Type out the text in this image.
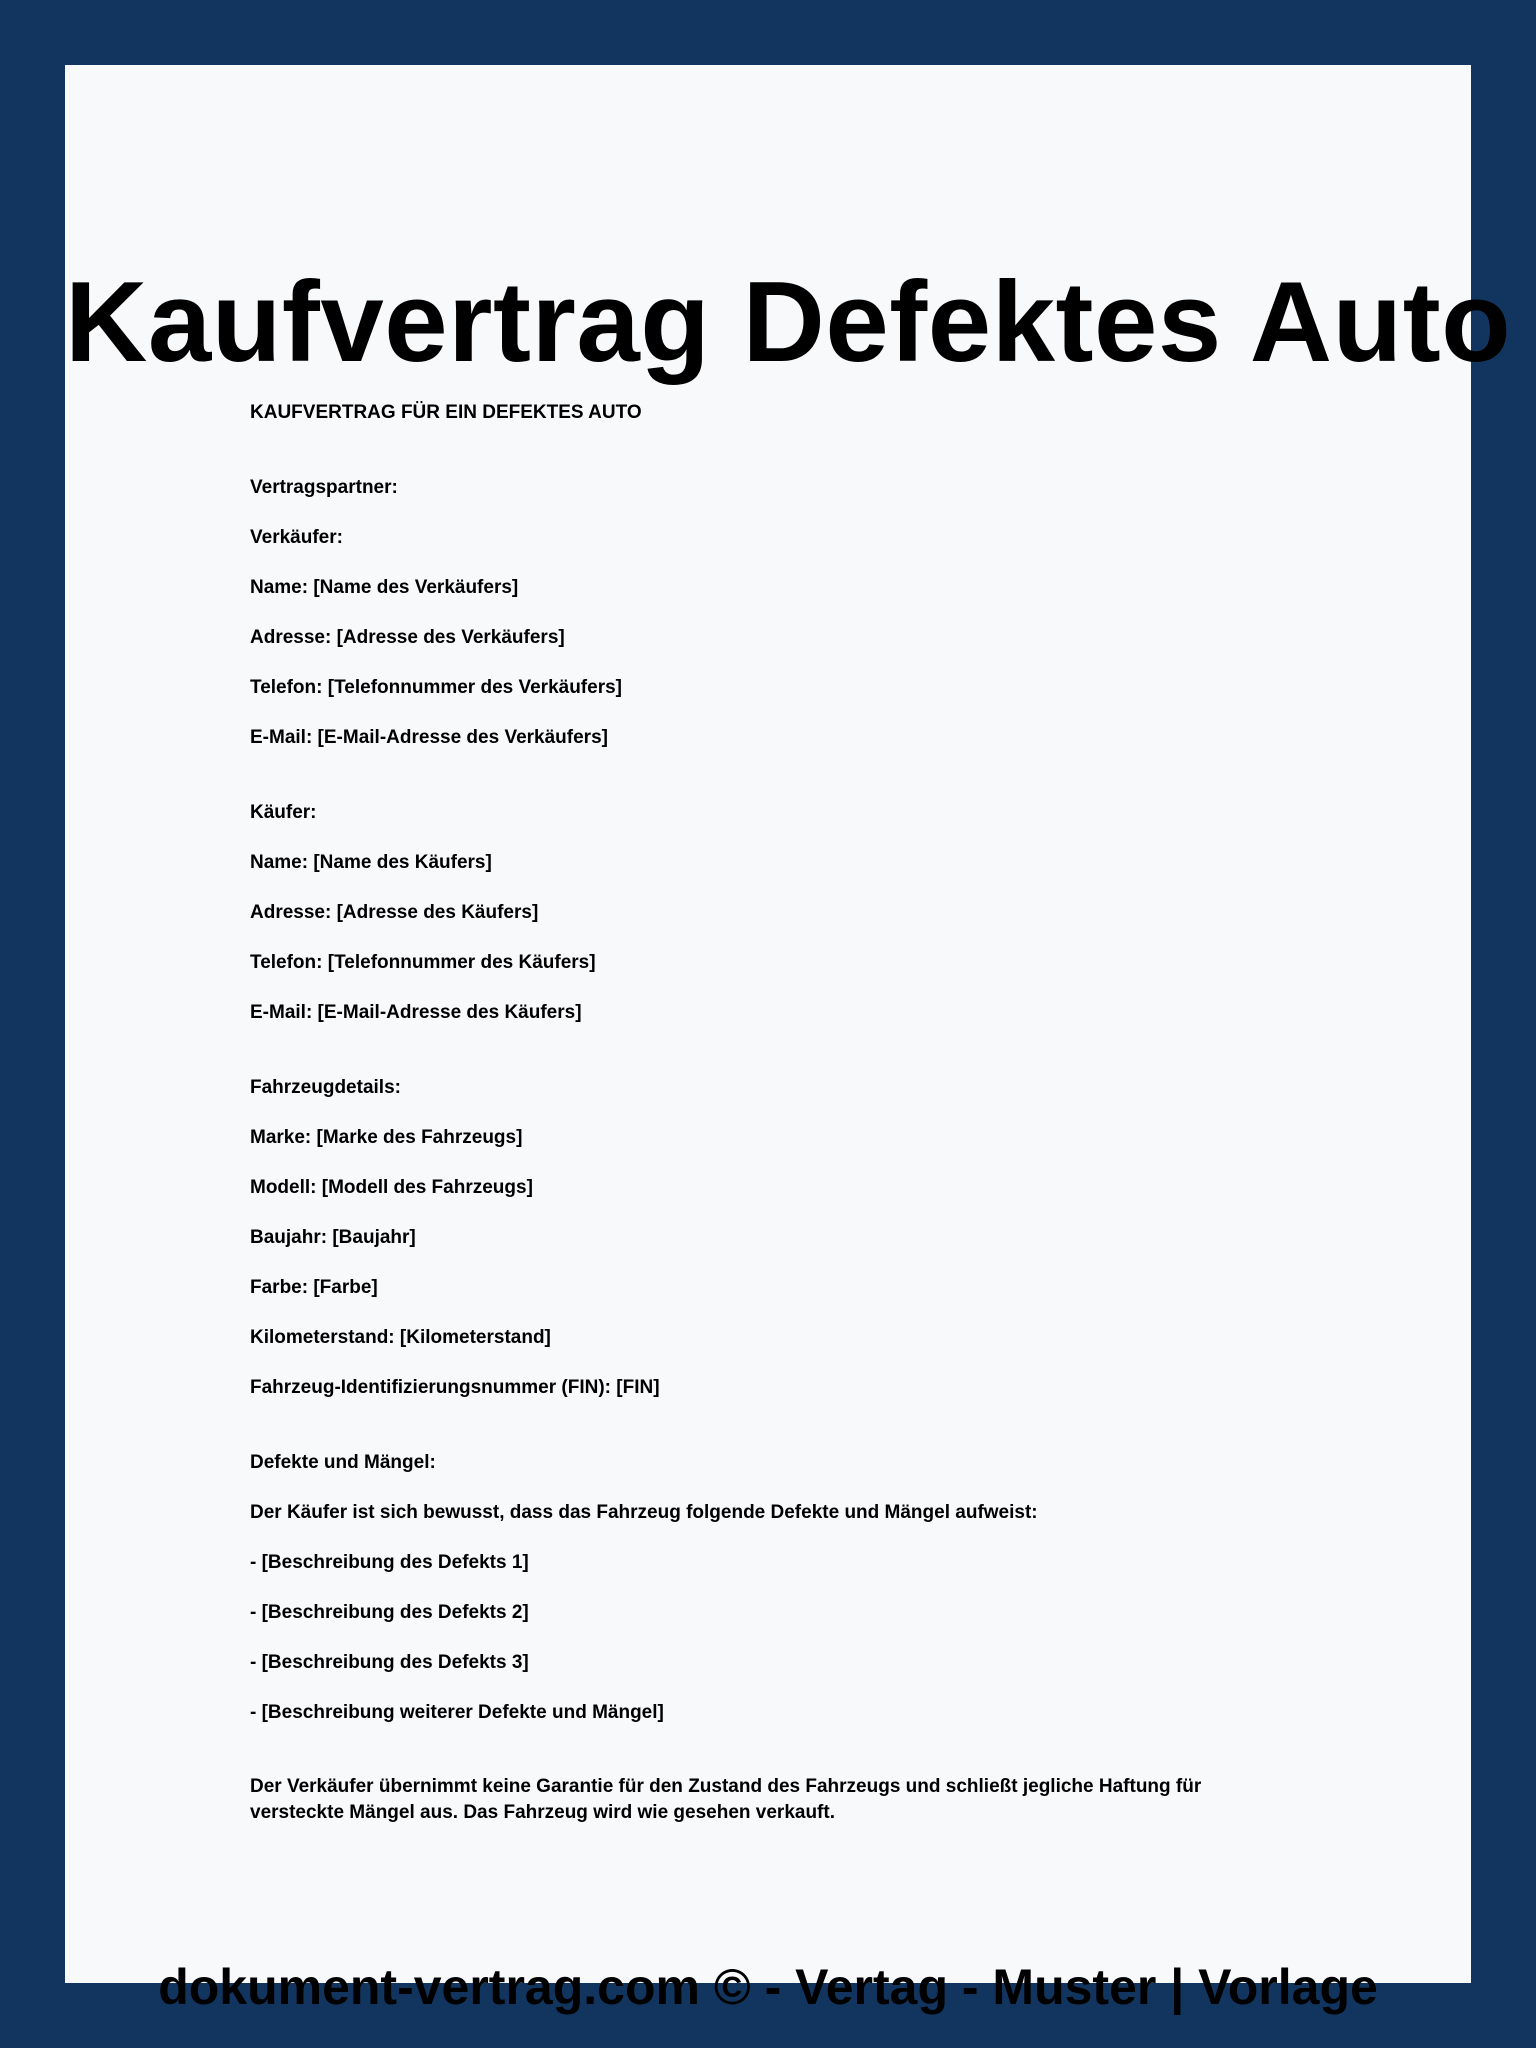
Kaufvertrag Defektes Auto

KAUFVERTRAG FÜR EIN DEFEKTES AUTO

Vertragspartner:

Verkäufer:

Name: [Name des Verkäufers]

Adresse: [Adresse des Verkäufers]

Telefon: [Telefonnummer des Verkäufers]

E-Mail: [E-Mail-Adresse des Verkäufers]

Käufer:

Name: [Name des Käufers]

Adresse: [Adresse des Käufers]

Telefon: [Telefonnummer des Käufers]

E-Mail: [E-Mail-Adresse des Käufers]

Fahrzeugdetails:

Marke: [Marke des Fahrzeugs]

Modell: [Modell des Fahrzeugs]

Baujahr: [Baujahr]

Farbe: [Farbe]

Kilometerstand: [Kilometerstand]

Fahrzeug-Identifizierungsnummer (FIN): [FIN]

Defekte und Mängel:

Der Käufer ist sich bewusst, dass das Fahrzeug folgende Defekte und Mängel aufweist:

- [Beschreibung des Defekts 1]

- [Beschreibung des Defekts 2]

- [Beschreibung des Defekts 3]

- [Beschreibung weiterer Defekte und Mängel]

Der Verkäufer übernimmt keine Garantie für den Zustand des Fahrzeugs und schließt jegliche Haftung für versteckte Mängel aus. Das Fahrzeug wird wie gesehen verkauft.

dokument-vertrag.com © - Vertag - Muster | Vorlage
